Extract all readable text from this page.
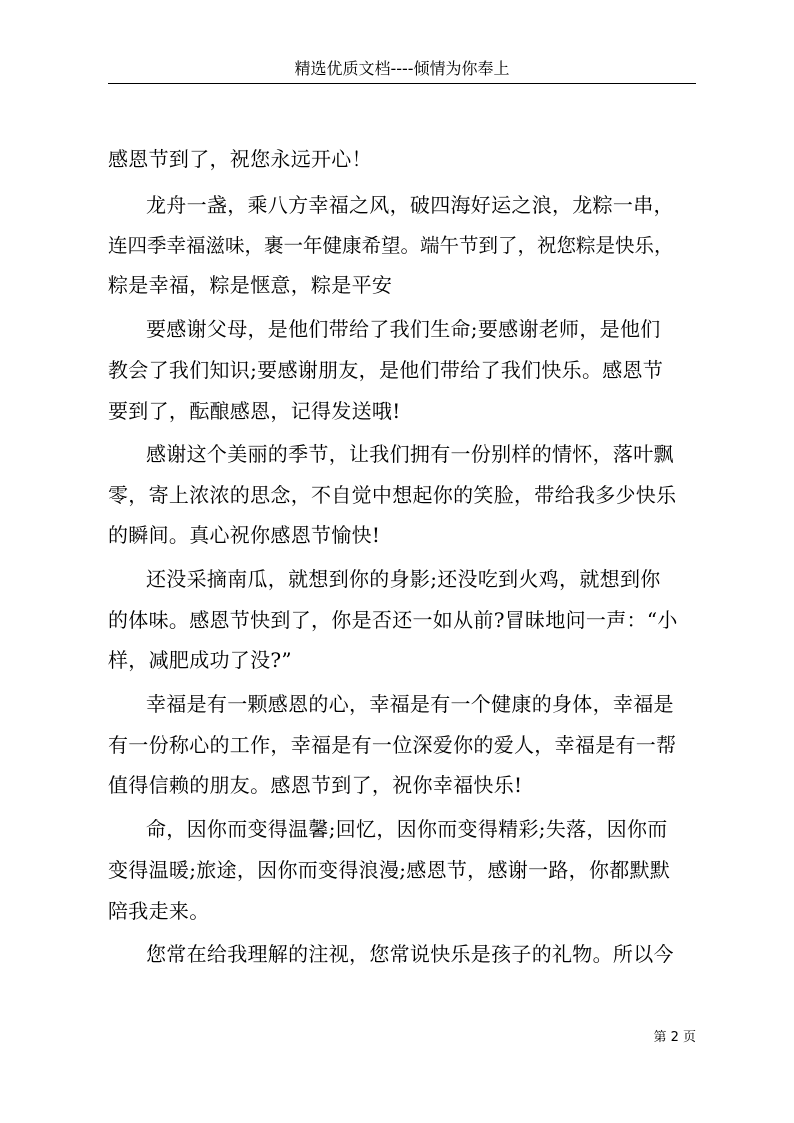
精选优质文档----倾情为你奉上
感恩节到了，祝您永远开心！
龙舟一盏，乘八方幸福之风，破四海好运之浪，龙粽一串，
连四季幸福滋味，裹一年健康希望。端午节到了，祝您粽是快乐，
粽是幸福，粽是惬意，粽是平安
要感谢父母，是他们带给了我们生命;要感谢老师，是他们
教会了我们知识;要感谢朋友，是他们带给了我们快乐。感恩节
要到了，酝酿感恩，记得发送哦!
感谢这个美丽的季节，让我们拥有一份别样的情怀，落叶飘
零，寄上浓浓的思念，不自觉中想起你的笑脸，带给我多少快乐
的瞬间。真心祝你感恩节愉快!
还没采摘南瓜，就想到你的身影;还没吃到火鸡，就想到你
的体味。感恩节快到了，你是否还一如从前?冒昧地问一声：“小
样，减肥成功了没?”
幸福是有一颗感恩的心，幸福是有一个健康的身体，幸福是
有一份称心的工作，幸福是有一位深爱你的爱人，幸福是有一帮
值得信赖的朋友。感恩节到了，祝你幸福快乐!
命，因你而变得温馨;回忆，因你而变得精彩;失落，因你而
变得温暖;旅途，因你而变得浪漫;感恩节，感谢一路，你都默默
陪我走来。
您常在给我理解的注视，您常说快乐是孩子的礼物。所以今
第 2 页
